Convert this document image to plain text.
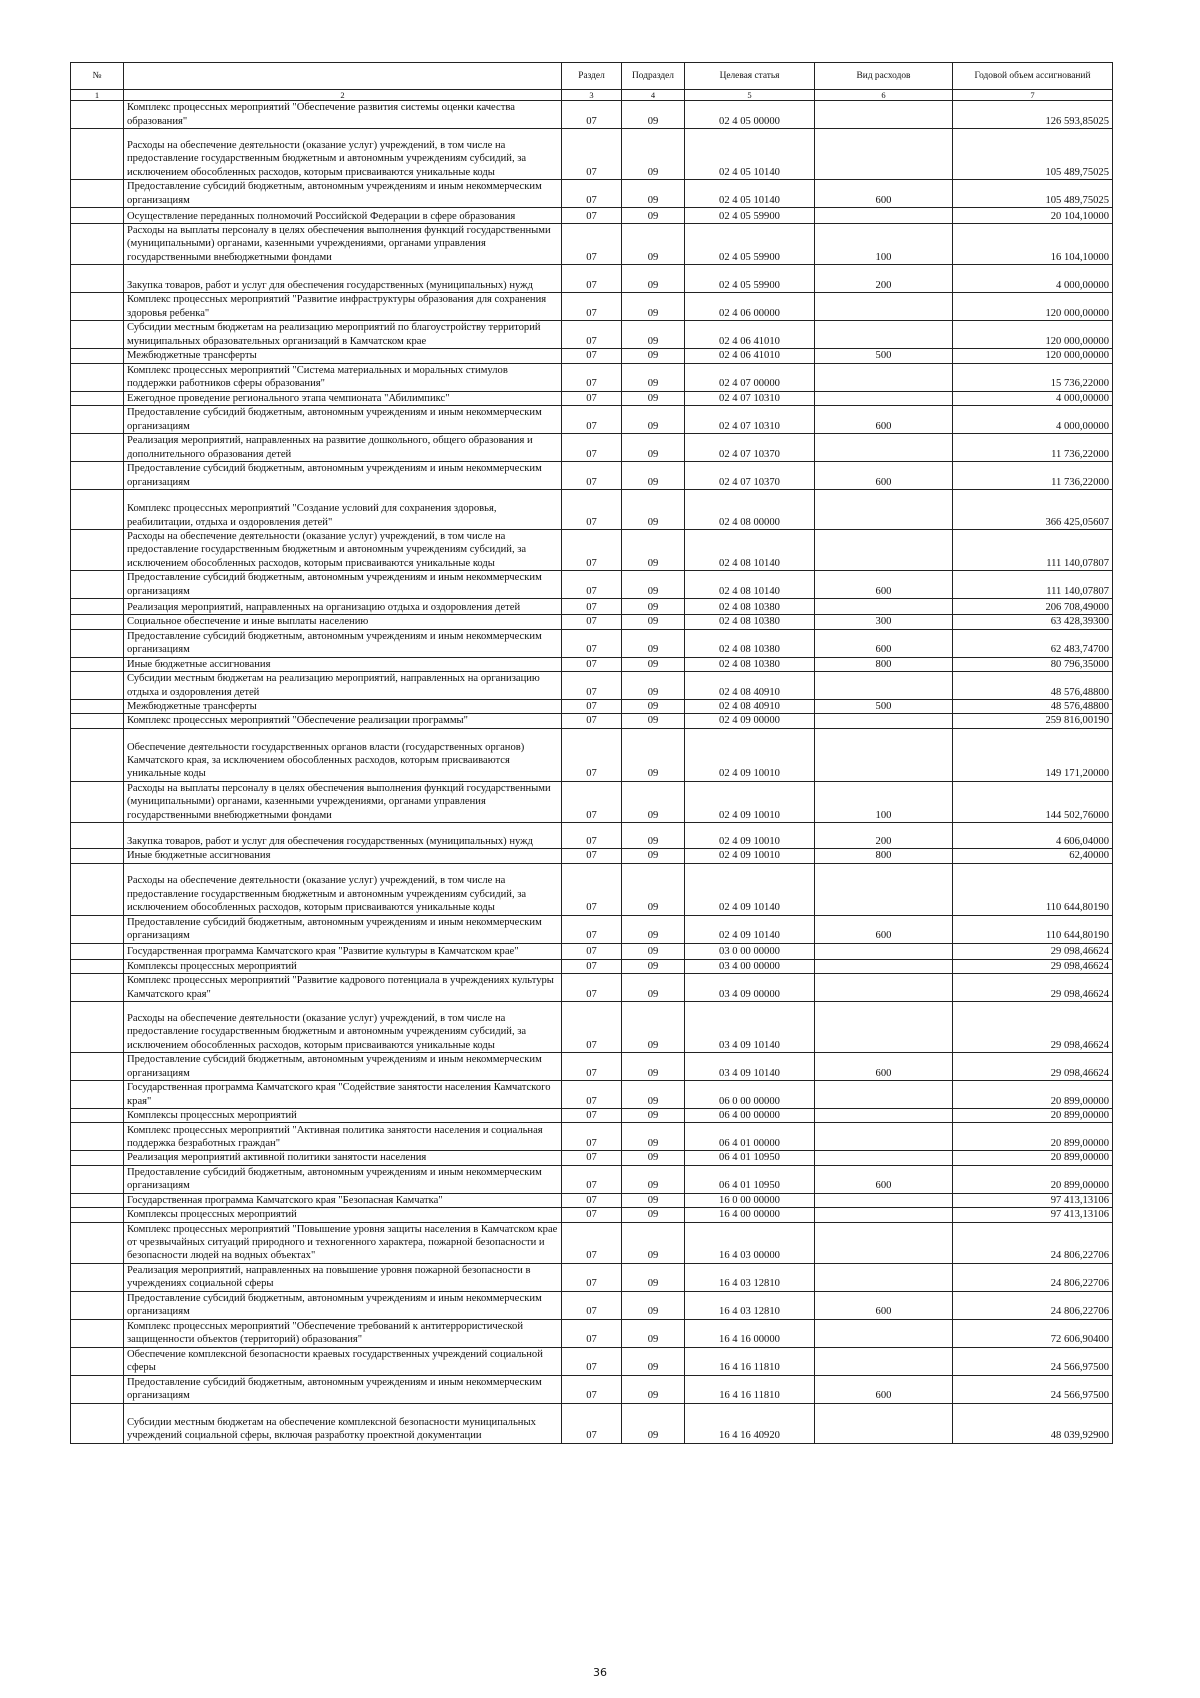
№		Раздел	Подраздел	Целевая статья	Вид расходов	Годовой объем ассигнований
1	2	3	4	5	6	7
	Комплекс процессных мероприятий "Обеспечение развития системы оценки качества образования"	07	09	02 4 05 00000		126 593,85025
	Расходы на обеспечение деятельности (оказание услуг) учреждений, в том числе на предоставление государственным бюджетным и автономным учреждениям субсидий, за исключением обособленных расходов, которым присваиваются уникальные коды	07	09	02 4 05 10140		105 489,75025
	Предоставление субсидий бюджетным, автономным учреждениям и иным некоммерческим организациям	07	09	02 4 05 10140	600	105 489,75025
	Осуществление переданных полномочий Российской Федерации в сфере образования	07	09	02 4 05 59900		20 104,10000
	Расходы на выплаты персоналу в целях обеспечения выполнения функций государственными (муниципальными) органами, казенными учреждениями, органами управления государственными внебюджетными фондами	07	09	02 4 05 59900	100	16 104,10000
	Закупка товаров, работ и услуг для обеспечения государственных (муниципальных) нужд	07	09	02 4 05 59900	200	4 000,00000
	Комплекс процессных мероприятий "Развитие инфраструктуры образования для сохранения здоровья ребенка"	07	09	02 4 06 00000		120 000,00000
	Субсидии местным бюджетам на реализацию мероприятий по благоустройству территорий муниципальных образовательных организаций в Камчатском крае	07	09	02 4 06 41010		120 000,00000
	Межбюджетные трансферты	07	09	02 4 06 41010	500	120 000,00000
	Комплекс процессных мероприятий "Система материальных и моральных стимулов поддержки работников сферы образования"	07	09	02 4 07 00000		15 736,22000
	Ежегодное проведение регионального этапа чемпионата "Абилимпикс"	07	09	02 4 07 10310		4 000,00000
	Предоставление субсидий бюджетным, автономным учреждениям и иным некоммерческим организациям	07	09	02 4 07 10310	600	4 000,00000
	Реализация мероприятий, направленных на развитие дошкольного, общего образования и дополнительного образования детей	07	09	02 4 07 10370		11 736,22000
	Предоставление субсидий бюджетным, автономным учреждениям и иным некоммерческим организациям	07	09	02 4 07 10370	600	11 736,22000
	Комплекс процессных мероприятий "Создание условий для сохранения здоровья, реабилитации, отдыха и оздоровления детей"	07	09	02 4 08 00000		366 425,05607
	Расходы на обеспечение деятельности (оказание услуг) учреждений, в том числе на предоставление государственным бюджетным и автономным учреждениям субсидий, за исключением обособленных расходов, которым присваиваются уникальные коды	07	09	02 4 08 10140		111 140,07807
	Предоставление субсидий бюджетным, автономным учреждениям и иным некоммерческим организациям	07	09	02 4 08 10140	600	111 140,07807
	Реализация мероприятий, направленных на организацию отдыха и оздоровления детей	07	09	02 4 08 10380		206 708,49000
	Социальное обеспечение и иные выплаты населению	07	09	02 4 08 10380	300	63 428,39300
	Предоставление субсидий бюджетным, автономным учреждениям и иным некоммерческим организациям	07	09	02 4 08 10380	600	62 483,74700
	Иные бюджетные ассигнования	07	09	02 4 08 10380	800	80 796,35000
	Субсидии местным бюджетам на реализацию мероприятий, направленных на организацию отдыха и оздоровления детей	07	09	02 4 08 40910		48 576,48800
	Межбюджетные трансферты	07	09	02 4 08 40910	500	48 576,48800
	Комплекс процессных мероприятий "Обеспечение реализации программы"	07	09	02 4 09 00000		259 816,00190
	Обеспечение деятельности государственных органов власти (государственных органов) Камчатского края, за исключением обособленных расходов, которым присваиваются уникальные коды	07	09	02 4 09 10010		149 171,20000
	Расходы на выплаты персоналу в целях обеспечения выполнения функций государственными (муниципальными) органами, казенными учреждениями, органами управления государственными внебюджетными фондами	07	09	02 4 09 10010	100	144 502,76000
	Закупка товаров, работ и услуг для обеспечения государственных (муниципальных) нужд	07	09	02 4 09 10010	200	4 606,04000
	Иные бюджетные ассигнования	07	09	02 4 09 10010	800	62,40000
	Расходы на обеспечение деятельности (оказание услуг) учреждений, в том числе на предоставление государственным бюджетным и автономным учреждениям субсидий, за исключением обособленных расходов, которым присваиваются уникальные коды	07	09	02 4 09 10140		110 644,80190
	Предоставление субсидий бюджетным, автономным учреждениям и иным некоммерческим организациям	07	09	02 4 09 10140	600	110 644,80190
	Государственная программа Камчатского края "Развитие культуры в Камчатском крае"	07	09	03 0 00 00000		29 098,46624
	Комплексы процессных мероприятий	07	09	03 4 00 00000		29 098,46624
	Комплекс процессных мероприятий "Развитие кадрового потенциала в учреждениях культуры Камчатского края"	07	09	03 4 09 00000		29 098,46624
	Расходы на обеспечение деятельности (оказание услуг) учреждений, в том числе на предоставление государственным бюджетным и автономным учреждениям субсидий, за исключением обособленных расходов, которым присваиваются уникальные коды	07	09	03 4 09 10140		29 098,46624
	Предоставление субсидий бюджетным, автономным учреждениям и иным некоммерческим организациям	07	09	03 4 09 10140	600	29 098,46624
	Государственная программа Камчатского края "Содействие занятости населения Камчатского края"	07	09	06 0 00 00000		20 899,00000
	Комплексы процессных мероприятий	07	09	06 4 00 00000		20 899,00000
	Комплекс процессных мероприятий "Активная политика занятости населения и социальная поддержка безработных граждан"	07	09	06 4 01 00000		20 899,00000
	Реализация мероприятий активной политики занятости населения	07	09	06 4 01 10950		20 899,00000
	Предоставление субсидий бюджетным, автономным учреждениям и иным некоммерческим организациям	07	09	06 4 01 10950	600	20 899,00000
	Государственная программа Камчатского края "Безопасная Камчатка"	07	09	16 0 00 00000		97 413,13106
	Комплексы процессных мероприятий	07	09	16 4 00 00000		97 413,13106
	Комплекс процессных мероприятий "Повышение уровня защиты населения в Камчатском крае от чрезвычайных ситуаций природного и техногенного характера, пожарной безопасности и безопасности людей на водных объектах"	07	09	16 4 03 00000		24 806,22706
	Реализация мероприятий, направленных на повышение уровня пожарной безопасности в учреждениях социальной сферы	07	09	16 4 03 12810		24 806,22706
	Предоставление субсидий бюджетным, автономным учреждениям и иным некоммерческим организациям	07	09	16 4 03 12810	600	24 806,22706
	Комплекс процессных мероприятий "Обеспечение требований к антитеррористической защищенности объектов (территорий) образования"	07	09	16 4 16 00000		72 606,90400
	Обеспечение комплексной безопасности краевых государственных учреждений социальной сферы	07	09	16 4 16 11810		24 566,97500
	Предоставление субсидий бюджетным, автономным учреждениям и иным некоммерческим организациям	07	09	16 4 16 11810	600	24 566,97500
	Субсидии местным бюджетам на обеспечение комплексной безопасности муниципальных учреждений социальной сферы, включая разработку проектной документации	07	09	16 4 16 40920		48 039,92900
36
